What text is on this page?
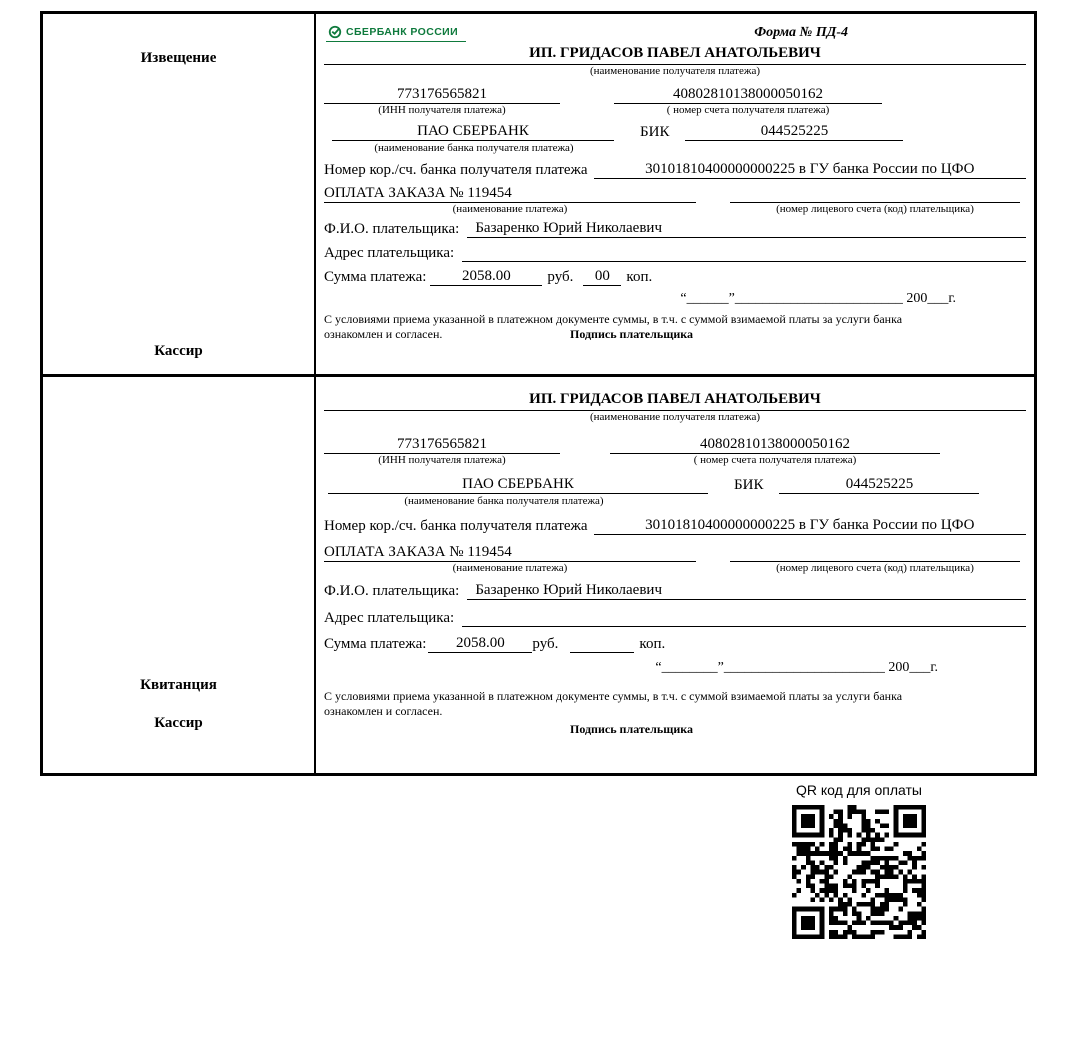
Извещение
Кассир
СБЕРБАНК РОССИИ	Форма № ПД-4
ИП. ГРИДАСОВ ПАВЕЛ АНАТОЛЬЕВИЧ
(наименование получателя платежа)
773176565821	40802810138000050162
(ИНН получателя платежа)	( номер счета получателя платежа)
ПАО СБЕРБАНК	БИК	044525225
(наименование банка получателя платежа)
Номер кор./сч. банка получателя платежа	30101810400000000225 в ГУ банка России по ЦФО
ОПЛАТА ЗАКАЗА № 119454
(наименование платежа)	(номер лицевого счета (код) плательщика)
Ф.И.О. плательщика:	Базаренко Юрий Николаевич
Адрес плательщика:
Сумма платежа:	2058.00	руб.	00	коп.
“______”________________________ 200___г.
С условиями приема указанной в платежном документе суммы, в т.ч. с суммой взимаемой платы за услуги банка ознакомлен и согласен.	Подпись плательщика
Квитанция
Кассир
ИП. ГРИДАСОВ ПАВЕЛ АНАТОЛЬЕВИЧ
(наименование получателя платежа)
773176565821	40802810138000050162
(ИНН получателя платежа)	( номер счета получателя платежа)
ПАО СБЕРБАНК	БИК	044525225
(наименование банка получателя платежа)
Номер кор./сч. банка получателя платежа	30101810400000000225 в ГУ банка России по ЦФО
ОПЛАТА ЗАКАЗА № 119454
(наименование платежа)	(номер лицевого счета (код) плательщика)
Ф.И.О. плательщика:	Базаренко Юрий Николаевич
Адрес плательщика:
Сумма платежа:	2058.00	руб.	коп.
“________”_______________________ 200___г.
С условиями приема указанной в платежном документе суммы, в т.ч. с суммой взимаемой платы за услуги банка ознакомлен и согласен.
Подпись плательщика
QR код для оплаты
